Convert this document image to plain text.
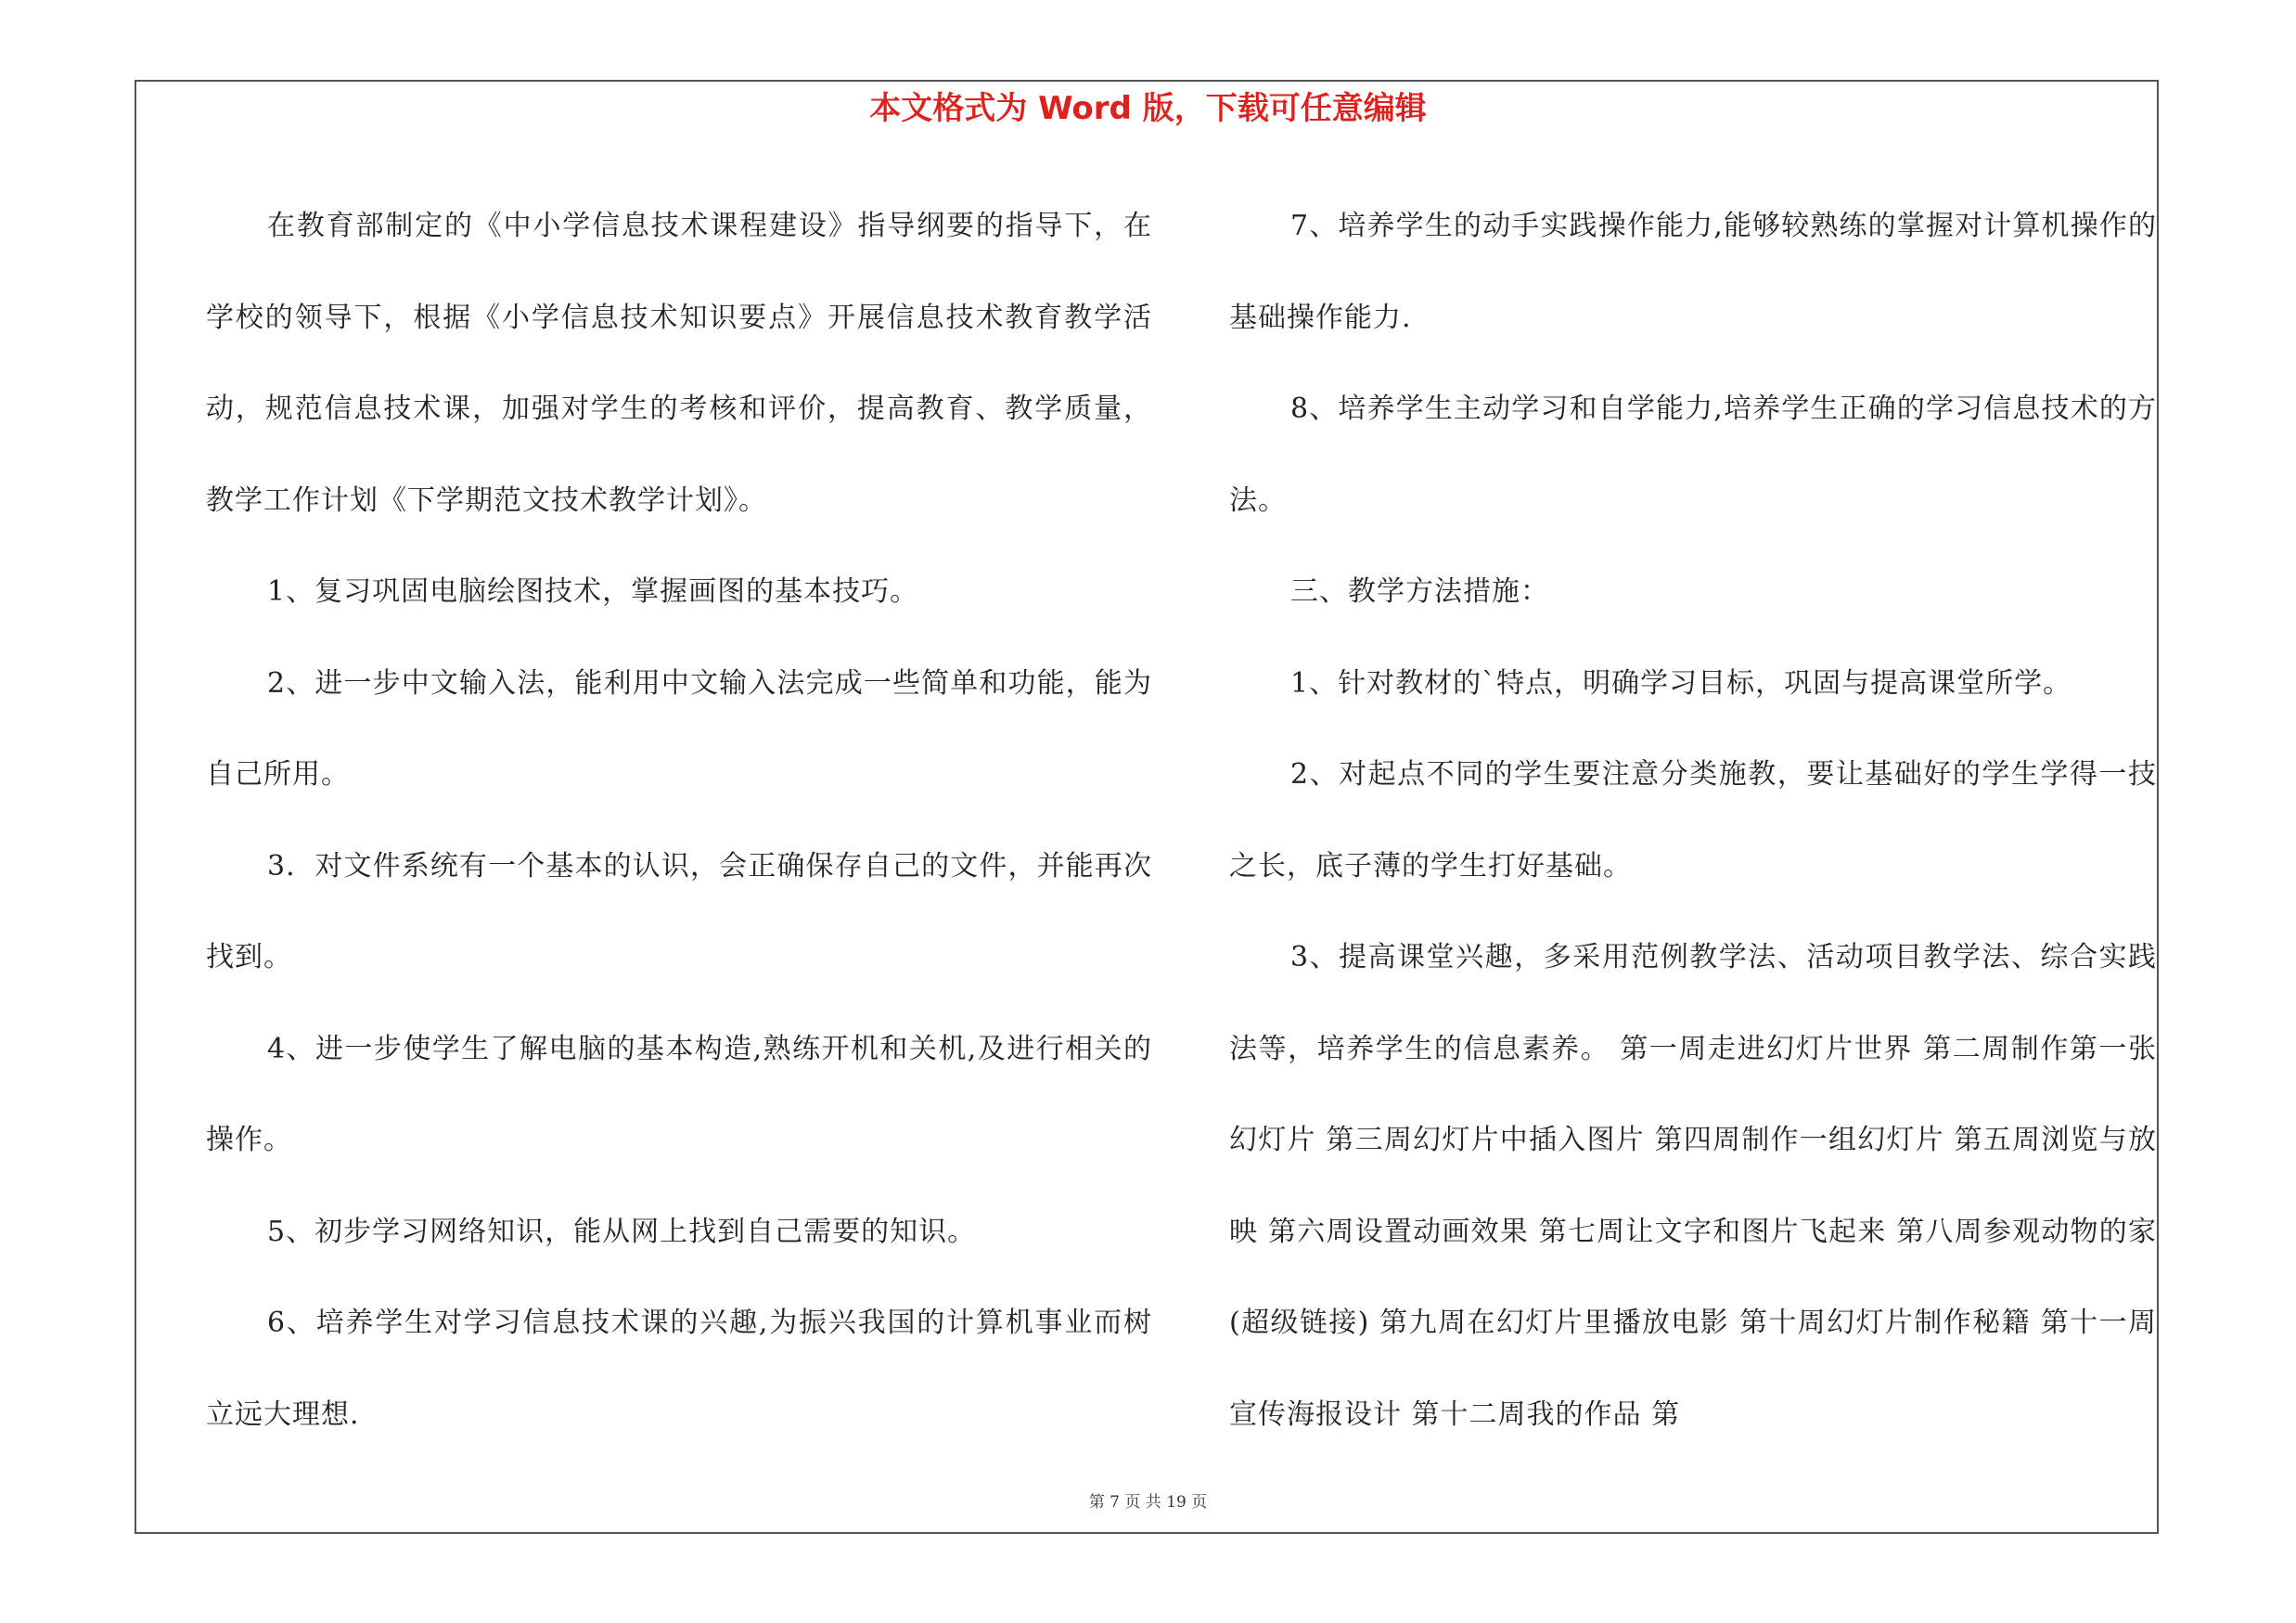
本文格式为 Word 版，下载可任意编辑

在教育部制定的《中小学信息技术课程建设》指导纲要的指导下，在学校的领导下，根据《小学信息技术知识要点》开展信息技术教育教学活动，规范信息技术课，加强对学生的考核和评价，提高教育、教学质量，教学工作计划《下学期范文技术教学计划》。

1、复习巩固电脑绘图技术，掌握画图的基本技巧。

2、进一步中文输入法，能利用中文输入法完成一些简单和功能，能为自己所用。

3．对文件系统有一个基本的认识，会正确保存自己的文件，并能再次找到。

4、进一步使学生了解电脑的基本构造,熟练开机和关机,及进行相关的操作。

5、初步学习网络知识，能从网上找到自己需要的知识。

6、培养学生对学习信息技术课的兴趣,为振兴我国的计算机事业而树立远大理想.

7、培养学生的动手实践操作能力,能够较熟练的掌握对计算机操作的基础操作能力.

8、培养学生主动学习和自学能力,培养学生正确的学习信息技术的方法。

三、教学方法措施：

1、针对教材的`特点，明确学习目标，巩固与提高课堂所学。

2、对起点不同的学生要注意分类施教，要让基础好的学生学得一技之长，底子薄的学生打好基础。

3、提高课堂兴趣，多采用范例教学法、活动项目教学法、综合实践法等，培养学生的信息素养。 第一周走进幻灯片世界 第二周制作第一张幻灯片 第三周幻灯片中插入图片 第四周制作一组幻灯片 第五周浏览与放映 第六周设置动画效果 第七周让文字和图片飞起来 第八周参观动物的家(超级链接) 第九周在幻灯片里播放电影 第十周幻灯片制作秘籍 第十一周宣传海报设计 第十二周我的作品 第

第 7 页 共 19 页
